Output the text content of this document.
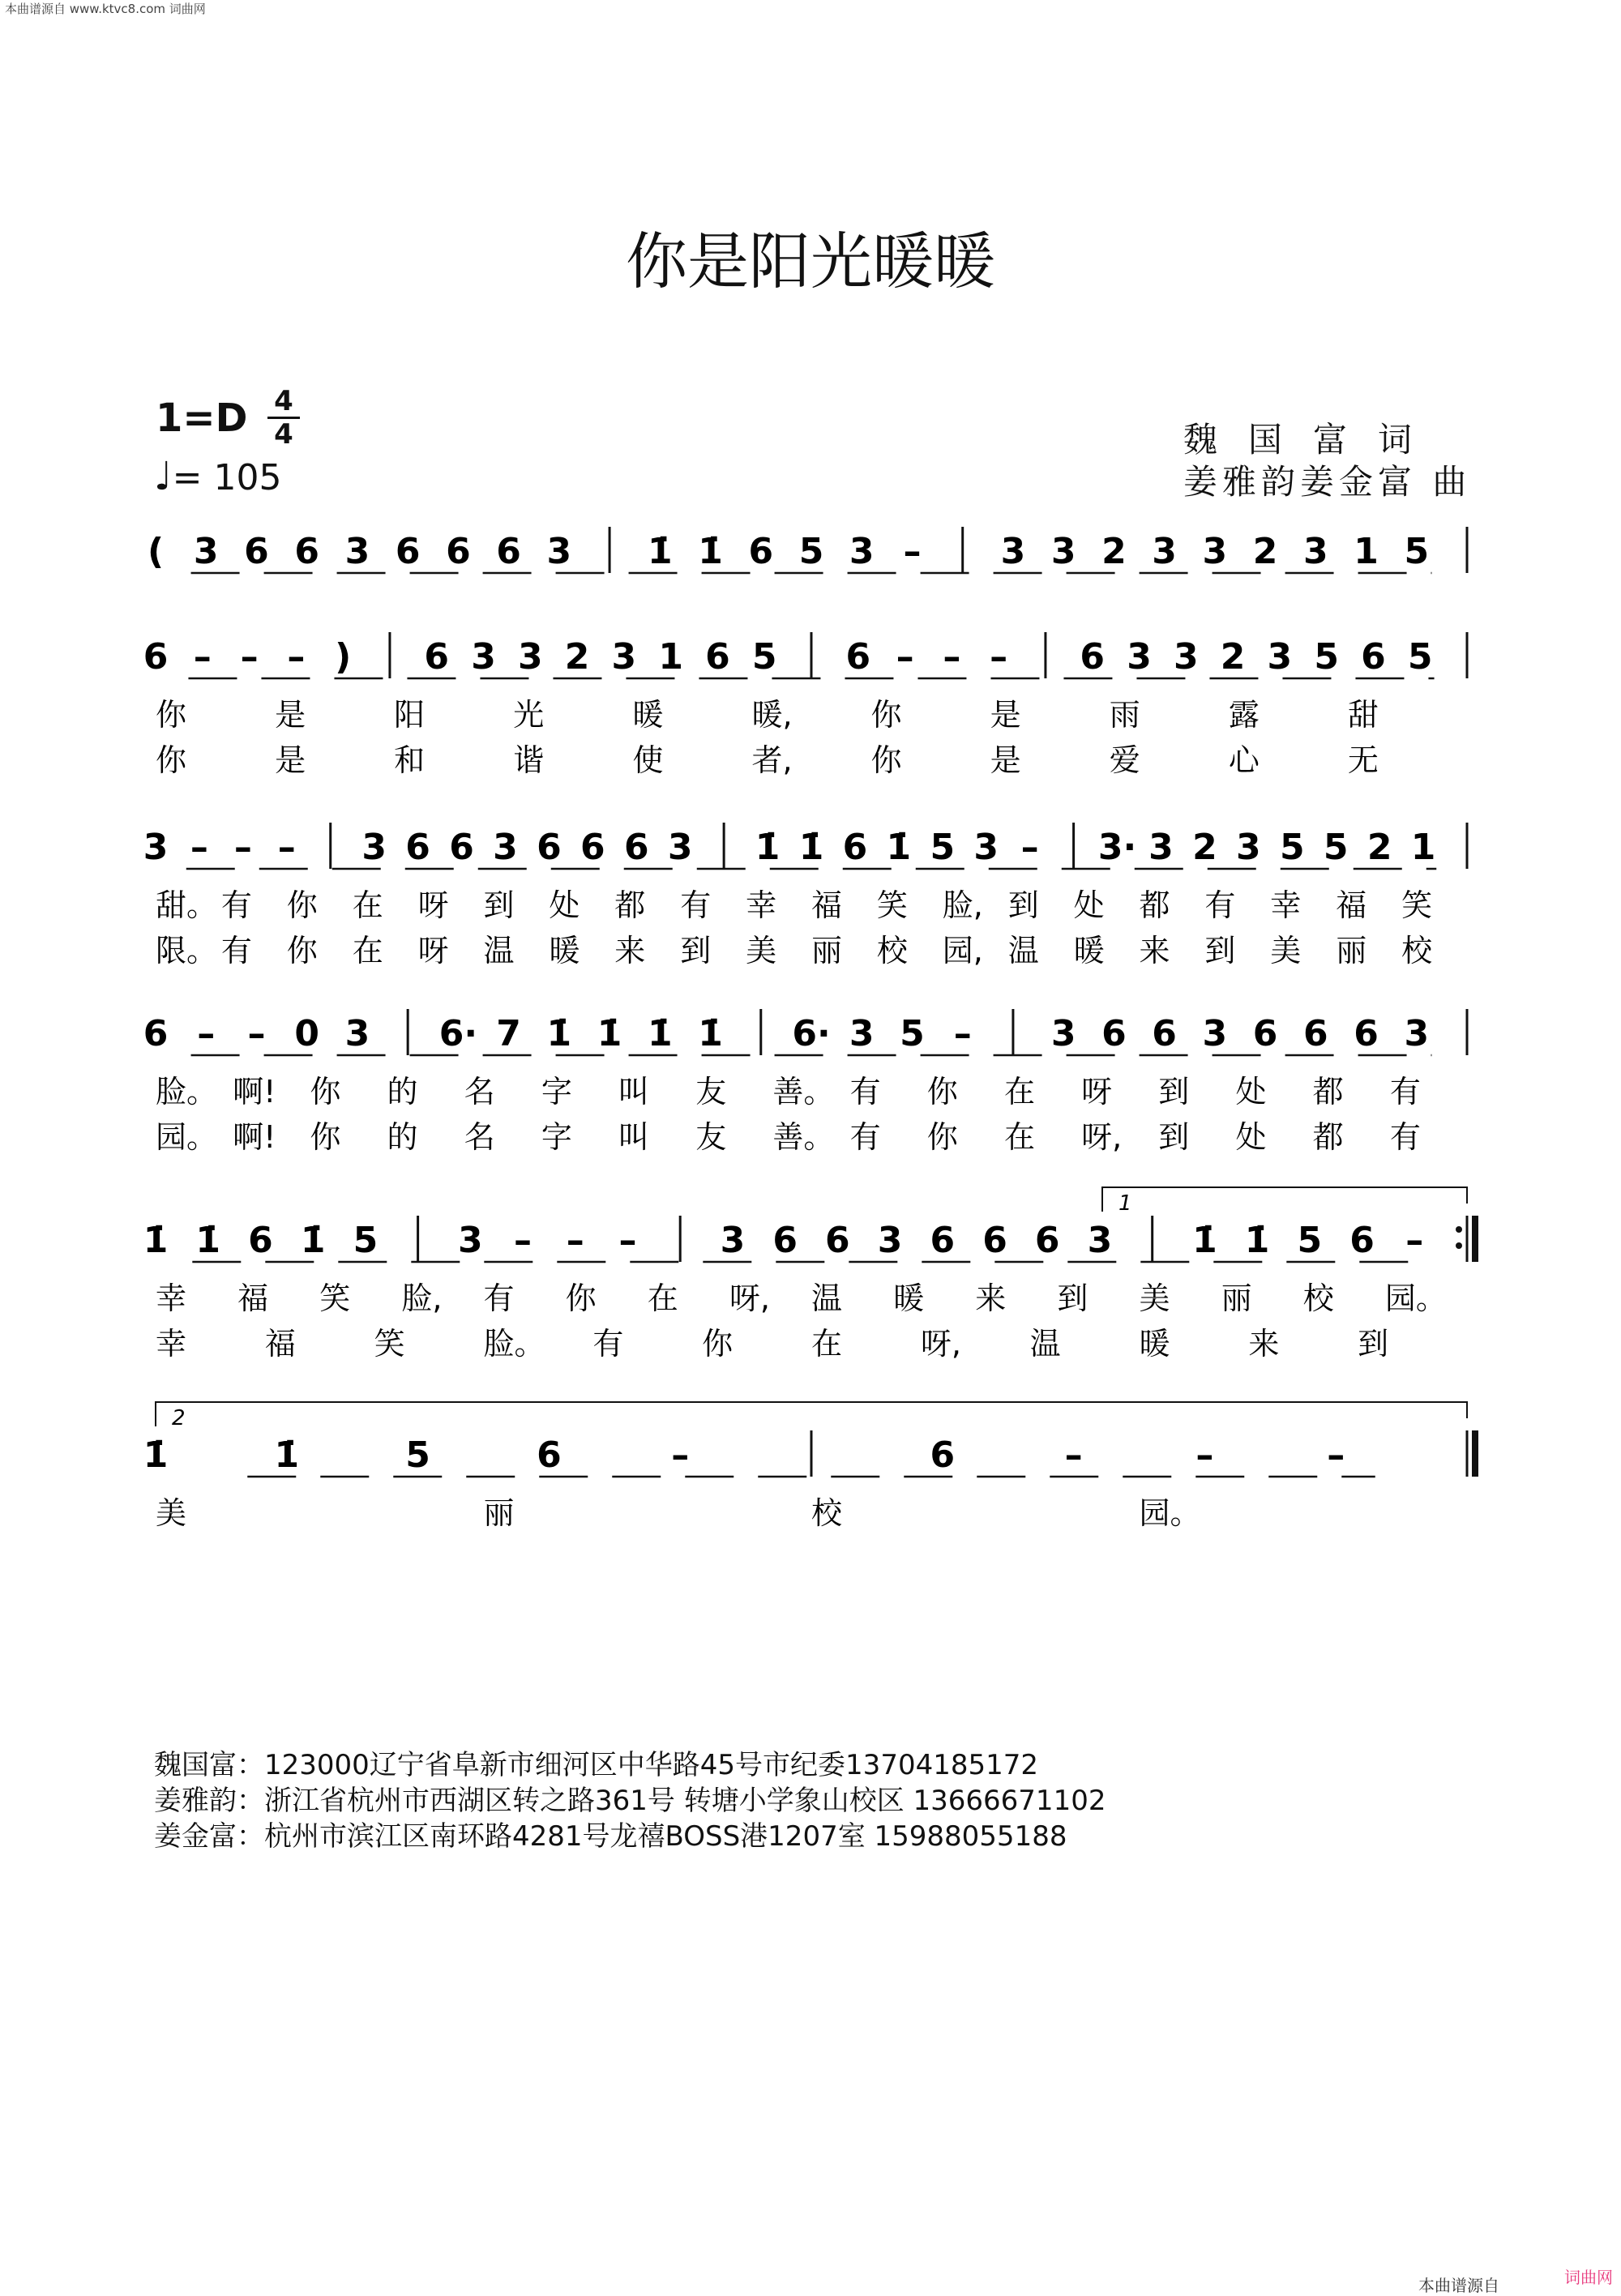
本曲谱源自 www.ktvc8.com 词曲网
你是阳光暖暖
1=D 4
4
♩= 105
魏国富词
姜雅韵姜金富 曲
( 3 6 6 3 6 6 6 3 1̇ 1̇ 6 5 3 – 3 3 2 3 3 2 3 1 5
6 – – – ) 6 3 3 2 3 1 6 5 6 – – – 6 3 3 2 3 5 6 5
你	是	阳	光	暖	暖,	你	是	雨	露	甜
你	是	和	谐	使	者,	你	是	爱	心	无
3 – – – 3 6 6 3 6 6 6 3 1̇ 1̇ 6 1̇ 5 3 – 3· 3 2 3 5 5 2 1
甜。 有 你 在 呀 到 处 都 有 幸 福 笑 脸, 到 处 都 有 幸 福 笑
限。 有 你 在 呀 温 暖 来 到 美 丽 校 园, 温 暖 来 到 美 丽 校
6 – – 0 3 6· 7 1̇ 1̇ 1̇ 1̇ 6· 3 5 – 3 6 6 3 6 6 6 3
脸。 啊! 你 的 名 字 叫 友 善。 有 你 在 呀 到 处 都 有
园。 啊! 你 的 名 字 叫 友 善。 有 你 在 呀, 到 处 都 有
1̇ 1̇ 6 1̇ 5 3 – – – 3 6 6 3 6 6 6 3 1̇ 1̇ 5 6 –
幸 福 笑 脸, 有 你 在 呀, 温 暖 来 到 美 丽 校 园。
幸	福	笑	脸。 有	你	在	呀, 温	暖	来	到
1
1̇	1̇	5	6	–	6	–	–	–
美	丽	校	园。
2
魏国富：123000辽宁省阜新市细河区中华路45号市纪委13704185172
姜雅韵：浙江省杭州市西湖区转之路361号 转塘小学象山校区 13666671102
姜金富：杭州市滨江区南环路4281号龙禧BOSS港1207室 15988055188
本曲谱源自	词曲网
